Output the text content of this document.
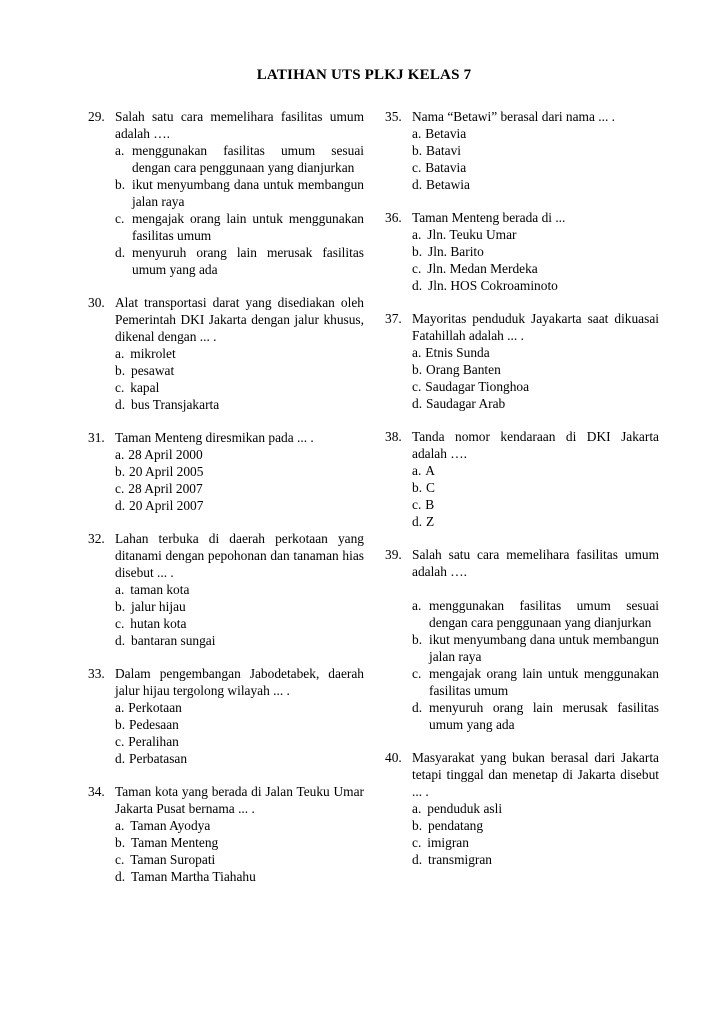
LATIHAN UTS PLKJ KELAS 7
29. Salah satu cara memelihara fasilitas umum adalah ….
a. menggunakan fasilitas umum sesuai dengan cara penggunaan yang dianjurkan
b. ikut menyumbang dana untuk membangun jalan raya
c. mengajak orang lain untuk menggunakan fasilitas umum
d. menyuruh orang lain merusak fasilitas umum yang ada
30. Alat transportasi darat yang disediakan oleh Pemerintah DKI Jakarta dengan jalur khusus, dikenal dengan ... .
a. mikrolet
b. pesawat
c. kapal
d. bus Transjakarta
31. Taman Menteng diresmikan pada ... .
a. 28 April 2000
b. 20 April 2005
c. 28 April 2007
d. 20 April 2007
32. Lahan terbuka di daerah perkotaan yang ditanami dengan pepohonan dan tanaman hias disebut ... .
a. taman kota
b. jalur hijau
c. hutan kota
d. bantaran sungai
33. Dalam pengembangan Jabodetabek, daerah jalur hijau tergolong wilayah ... .
a. Perkotaan
b. Pedesaan
c. Peralihan
d. Perbatasan
34. Taman kota yang berada di Jalan Teuku Umar Jakarta Pusat bernama ... .
a. Taman Ayodya
b. Taman Menteng
c. Taman Suropati
d. Taman Martha Tiahahu
35. Nama “Betawi” berasal dari nama ... .
a. Betavia
b. Batavi
c. Batavia
d. Betawia
36. Taman Menteng berada di ...
a. Jln. Teuku Umar
b. Jln. Barito
c. Jln. Medan Merdeka
d. Jln. HOS Cokroaminoto
37. Mayoritas penduduk Jayakarta saat dikuasai Fatahillah adalah ... .
a. Etnis Sunda
b. Orang Banten
c. Saudagar Tionghoa
d. Saudagar Arab
38. Tanda nomor kendaraan di DKI Jakarta adalah ….
a. A
b. C
c. B
d. Z
39. Salah satu cara memelihara fasilitas umum adalah ….
a. menggunakan fasilitas umum sesuai dengan cara penggunaan yang dianjurkan
b. ikut menyumbang dana untuk membangun jalan raya
c. mengajak orang lain untuk menggunakan fasilitas umum
d. menyuruh orang lain merusak fasilitas umum yang ada
40. Masyarakat yang bukan berasal dari Jakarta tetapi tinggal dan menetap di Jakarta disebut ... .
a. penduduk asli
b. pendatang
c. imigran
d. transmigran
